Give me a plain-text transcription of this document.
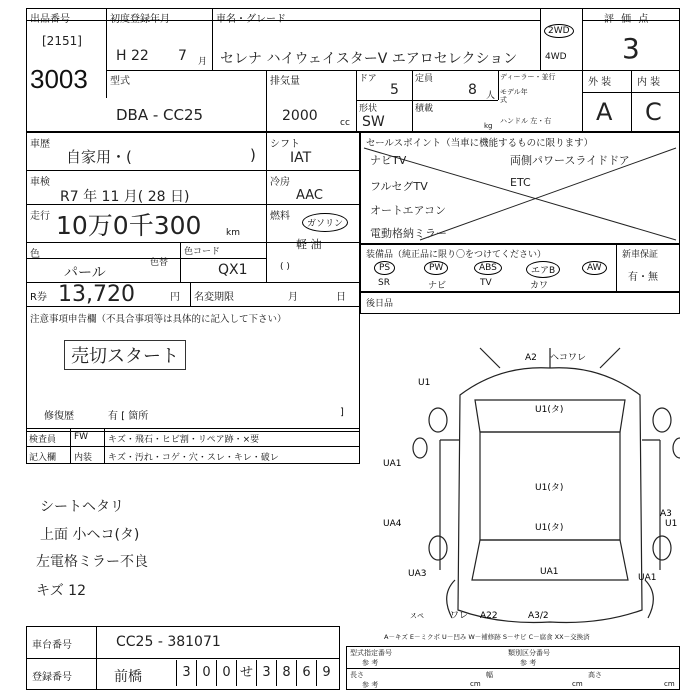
出品番号
[2151]
3003
初度登録年月
H 22 7 月
車名・グレード
セレナ ハイウェイスターV エアロセレクション
2WD
4WD
評 価 点
3
型式
DBA - CC25
排気量
2000 cc
ドア
5
定員
8 人
ディーラー・並行
モデル年式
ハンドル 左・右
形状
SW
積載
kg
外 装
A
内 装
C
車歴
自家用・(	)
シフト
IAT
車検
R7 年 11 月( 28 日)
冷房
AAC
走行 10万0千300	km
燃料
ガソリン
軽 油
( )
色
パール
色替
色コード
QX1
R券 13,720	円 名変期限	月	日
注意事項申告欄（不具合事項等は具体的に記入して下さい）
売切スタート
修復歴	有 [ 箇所	]
検査員
記入欄
FW キズ・飛石・ヒビ割・リペア跡・×要
内装 キズ・汚れ・コゲ・穴・スレ・キレ・破レ
セールスポイント（当車に機能するものに限ります）
ナビTV	両側パワースライドドア
フルセグTV	ETC
オートエアコン
電動格納ミラー
装備品（純正品に限り〇をつけてください）	新車保証
PS	PW	ABS	エアB	AW
SR	ナビ	TV	カワ
有・無
後日品
A2 ヘコワレ
U1
U1(タ)
U1(タ)
U1(タ)
UA1
UA4
A3
U1
UA3	UA1
UA1
スペ	ワレ A22	A3/2
シートヘタリ
上面 小ヘコ(タ)
左電格ミラー不良
キズ 12
A－キズ E－ミクボ U－凹み W－補修跡 S－サビ C－腐食 XX－交換済
車台番号	CC25 - 381071
登録番号	前橋	3 0 0 せ 3 8 6 9
型式指定番号
参 考
類別区分番号
参 考
長さ
参 考	cm
幅
cm
高さ
cm
